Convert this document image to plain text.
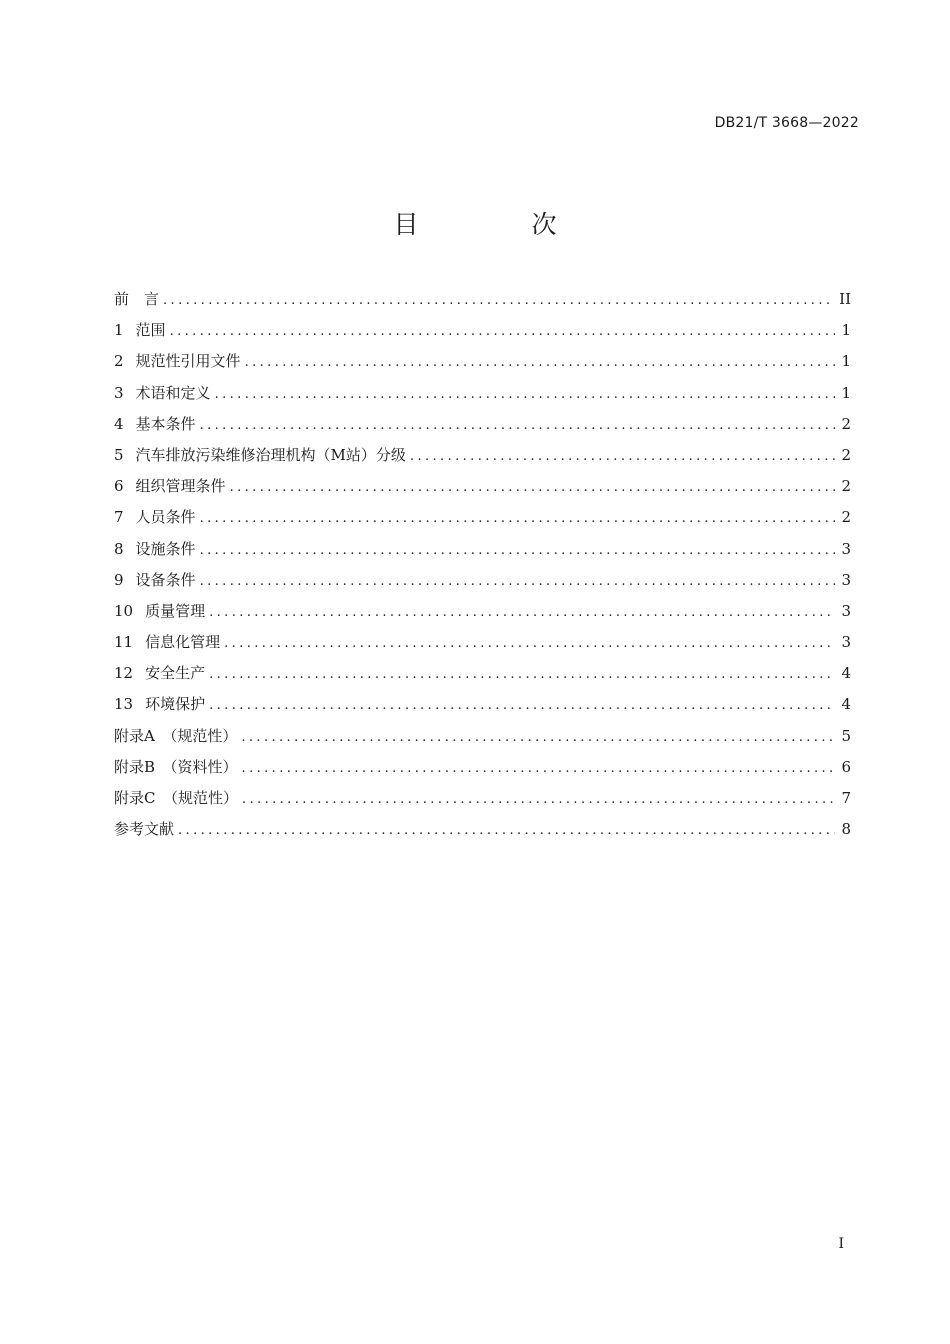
DB21/T 3668—2022
目　次
前　言 .....	II
1 范围 .....	1
2 规范性引用文件 .....	1
3 术语和定义 .....	1
4 基本条件 .....	2
5 汽车排放污染维修治理机构（M站）分级 .....	2
6 组织管理条件 .....	2
7 人员条件 .....	2
8 设施条件 .....	3
9 设备条件 .....	3
10 质量管理 .....	3
11 信息化管理 .....	3
12 安全生产 .....	4
13 环境保护 .....	4
附录A　（规范性） .....	5
附录B　（资料性） .....	6
附录C　（规范性） .....	7
参考文献 .....	8
I
